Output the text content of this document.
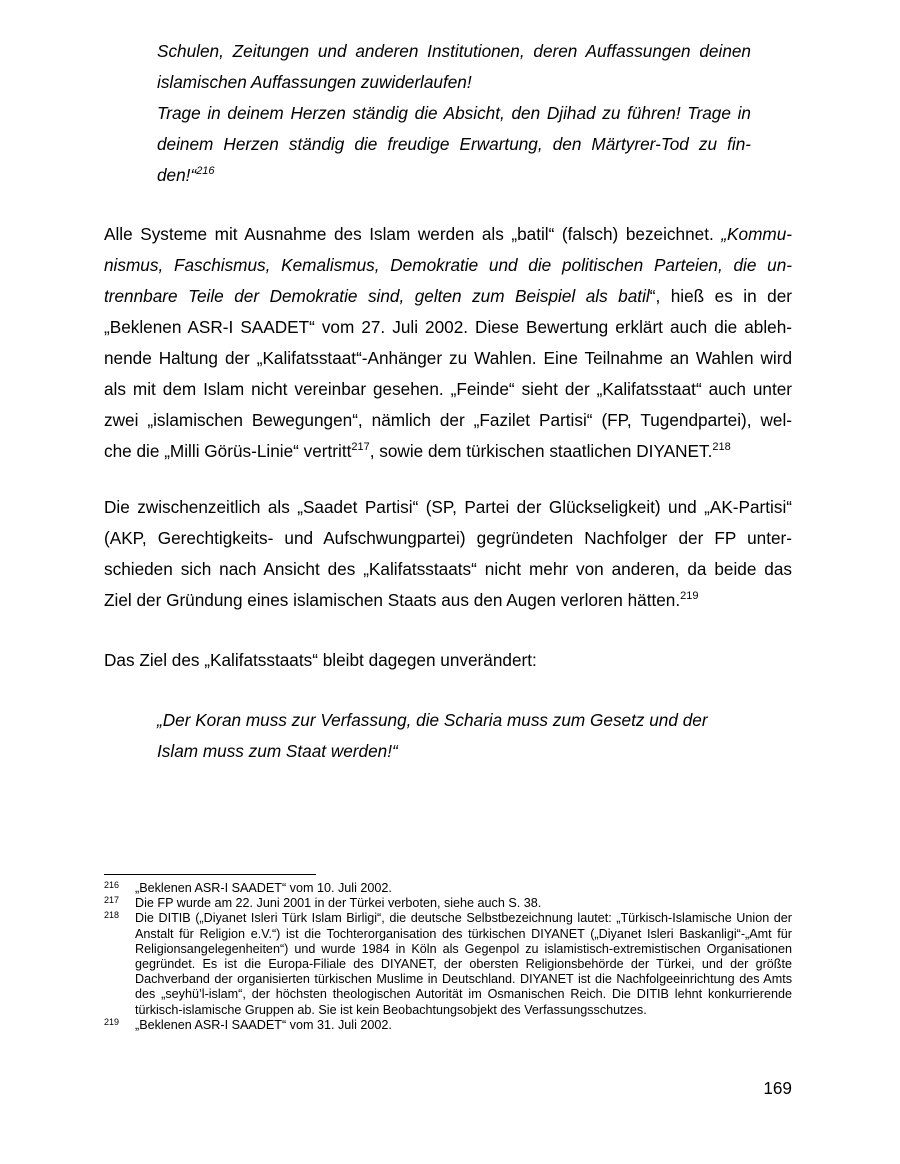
Schulen, Zeitungen und anderen Institutionen, deren Auffassungen deinen
islamischen Auffassungen zuwiderlaufen!
Trage in deinem Herzen ständig die Absicht, den Djihad zu führen! Trage in
deinem Herzen ständig die freudige Erwartung, den Märtyrer-Tod zu fin-
den!“$^{216}$
Alle Systeme mit Ausnahme des Islam werden als „batil“ (falsch) bezeichnet. „Kommu-
nismus, Faschismus, Kemalismus, Demokratie und die politischen Parteien, die un-
trennbare Teile der Demokratie sind, gelten zum Beispiel als batil“, hieß es in der
„Beklenen ASR-I SAADET“ vom 27. Juli 2002. Diese Bewertung erklärt auch die ableh-
nende Haltung der „Kalifatsstaat“-Anhänger zu Wahlen. Eine Teilnahme an Wahlen wird
als mit dem Islam nicht vereinbar gesehen. „Feinde“ sieht der „Kalifatsstaat“ auch unter
zwei „islamischen Bewegungen“, nämlich der „Fazilet Partisi“ (FP, Tugendpartei), wel-
che die „Milli Görüs-Linie“ vertritt$^{217}$, sowie dem türkischen staatlichen DIYANET.$^{218}$
Die zwischenzeitlich als „Saadet Partisi“ (SP, Partei der Glückseligkeit) und „AK-Partisi“
(AKP, Gerechtigkeits- und Aufschwungpartei) gegründeten Nachfolger der FP unter-
schieden sich nach Ansicht des „Kalifatsstaats“ nicht mehr von anderen, da beide das
Ziel der Gründung eines islamischen Staats aus den Augen verloren hätten.$^{219}$
Das Ziel des „Kalifatsstaats“ bleibt dagegen unverändert:
„Der Koran muss zur Verfassung, die Scharia muss zum Gesetz und der
Islam muss zum Staat werden!“
216 „Beklenen ASR-I SAADET“ vom 10. Juli 2002.
217 Die FP wurde am 22. Juni 2001 in der Türkei verboten, siehe auch S. 38.
218 Die DITIB („Diyanet Isleri Türk Islam Birligi“, die deutsche Selbstbezeichnung lautet: „Türkisch-Islamische Union der Anstalt für Religion e.V.“) ist die Tochterorganisation des türkischen DIYANET („Diyanet Isleri Baskanligi“-„Amt für Religionsangelegenheiten“) und wurde 1984 in Köln als Gegenpol zu islamistisch-extremistischen Organisationen gegründet. Es ist die Europa-Filiale des DIYANET, der obersten Religionsbehörde der Türkei, und der größte Dachverband der organisierten türkischen Muslime in Deutschland. DIYANET ist die Nachfolgeeinrichtung des Amts des „seyhü’l-islam“, der höchsten theologischen Autorität im Osmanischen Reich. Die DITIB lehnt konkurrierende türkisch-islamische Gruppen ab. Sie ist kein Beobachtungsobjekt des Verfassungsschutzes.
219 „Beklenen ASR-I SAADET“ vom 31. Juli 2002.
169
